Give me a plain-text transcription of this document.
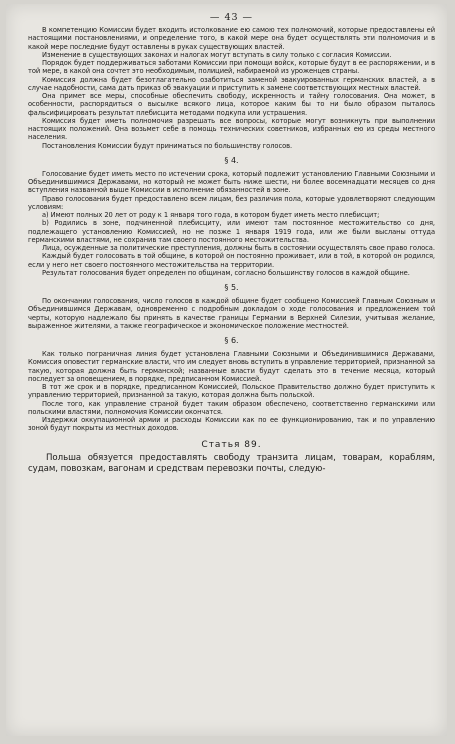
— 43 —

В компетенцию Комиссии будет входить истолкование ею самою тех полномочий, которые предоставлены ей настоящими постановлениями, и определение того, в какой мере она будет осуществлять эти полномочия и в какой мере последние будут оставлены в руках существующих властей.

Изменение в существующих законах и налогах могут вступать в силу только с согласия Комиссии.

Порядок будет поддерживаться заботами Комиссии при помощи войск, которые будут в ее распоряжении, и в той мере, в какой она сочтет это необходимым, полицией, набираемой из уроженцев страны.

Комиссия должна будет безотлагательно озаботиться заменой эвакуированных германских властей, а в случае надобности, сама дать приказ об эвакуации и приступить к замене соответствующих местных властей.

Она примет все меры, способные обеспечить свободу, искренность и тайну голосования. Она может, в особенности, распорядиться о высылке всякого лица, которое каким бы то ни было образом пыталось фальсифицировать результат плебисцита методами подкупа или устрашения.

Комиссия будет иметь полномочия разрешать все вопросы, которые могут возникнуть при выполнении настоящих положений. Она возьмет себе в помощь технических советников, избранных ею из среды местного населения.

Постановления Комиссии будут приниматься по большинству голосов.

§ 4.

Голосование будет иметь место по истечении срока, который подлежит установлению Главными Союзными и Объединившимися Державами, но который не может быть ниже шести, ни более восемнадцати месяцев со дня вступления названной выше Комиссии в исполнение обязанностей в зоне.

Право голосования будет предоставлено всем лицам, без различия пола, которые удовлетворяют следующим условиям:

a) Имеют полных 20 лет от роду к 1 января того года, в котором будет иметь место плебисцит;

b) Родились в зоне, подчиненной плебисциту, или имеют там постоянное местожительство со дня, подлежащего установлению Комиссией, но не позже 1 января 1919 года, или же были высланы оттуда германскими властями, не сохранив там своего постоянного местожительства.

Лица, осужденные за политические преступления, должны быть в состоянии осуществлять свое право голоса.

Каждый будет голосовать в той общине, в которой он постоянно проживает, или в той, в которой он родился, если у него нет своего постоянного местожительства на территории.

Результат голосования будет определен по общинам, согласно большинству голосов в каждой общине.

§ 5.

По окончании голосования, число голосов в каждой общине будет сообщено Комиссией Главным Союзным и Объединившимся Державам, одновременно с подробным докладом о ходе голосования и предложением той черты, которую надлежало бы принять в качестве границы Германии в Верхней Силезии, учитывая желание, выраженное жителями, а также географическое и экономическое положение местностей.

§ 6.

Как только пограничная линия будет установлена Главными Союзными и Объединившимися Державами, Комиссия оповестит германские власти, что им следует вновь вступить в управление территорией, признанной за такую, которая должна быть германской; названные власти будут сделать это в течение месяца, который последует за оповещением, в порядке, предписанном Комиссией.

В тот же срок и в порядке, предписанном Комиссией, Польское Правительство должно будет приступить к управлению территорией, признанной за такую, которая должна быть польской.

После того, как управление страной будет таким образом обеспечено, соответственно германскими или польскими властями, полномочия Комиссии окончатся.

Издержки оккупационной армии и расходы Комиссии как по ее функционированию, так и по управлению зоной будут покрыты из местных доходов.

Статья 89.

Польша обязуется предоставлять свободу транзита лицам, товарам, кораблям, судам, повозкам, вагонам и средствам перевозки почты, следую-
